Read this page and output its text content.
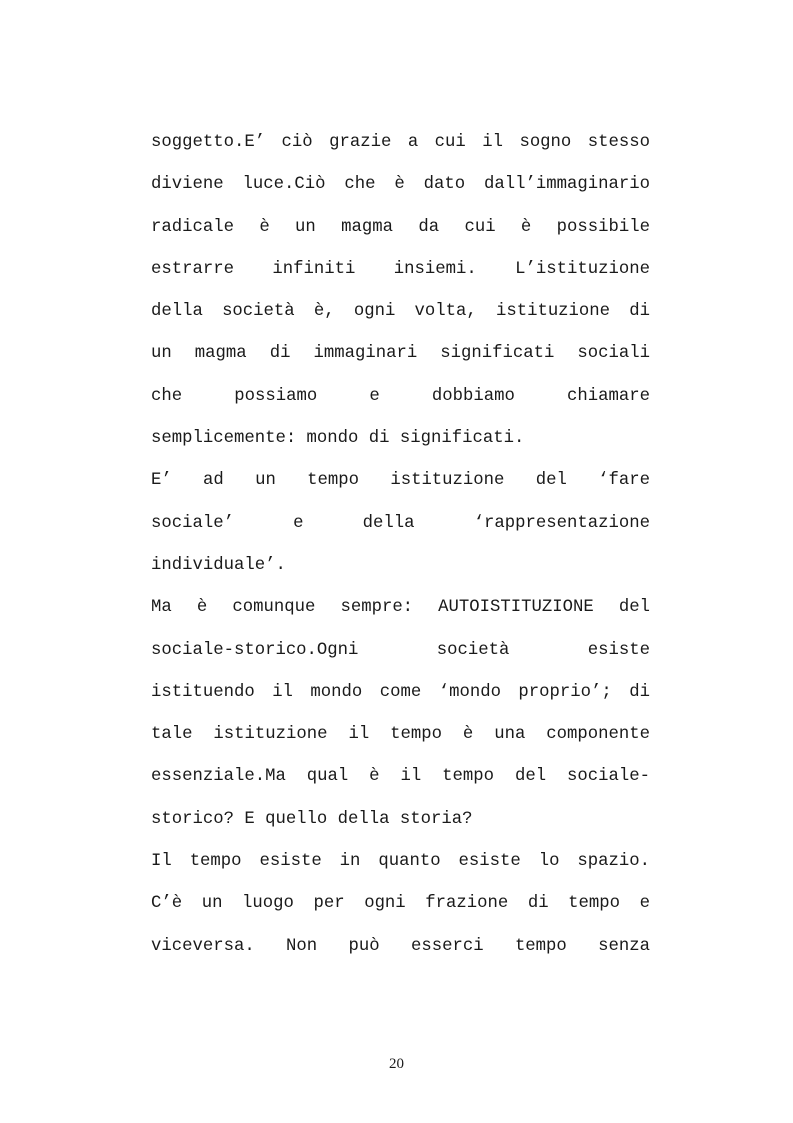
soggetto.E’ ciò grazie a cui il sogno stesso
diviene luce.Ciò che è dato dall’immaginario
radicale è un magma da cui è possibile
estrarre infiniti insiemi. L’istituzione
della società è, ogni volta, istituzione di
un magma di immaginari significati sociali
che possiamo e dobbiamo chiamare
semplicemente: mondo di significati.
E’ ad un tempo istituzione del ‘fare
sociale’ e della ‘rappresentazione
individuale’.
Ma è comunque sempre: AUTOISTITUZIONE del
sociale-storico.Ogni società esiste
istituendo il mondo come ‘mondo proprio’; di
tale istituzione il tempo è una componente
essenziale.Ma qual è il tempo del sociale-
storico? E quello della storia?
Il tempo esiste in quanto esiste lo spazio.
C’è un luogo per ogni frazione di tempo e
viceversa. Non può esserci tempo senza
20
